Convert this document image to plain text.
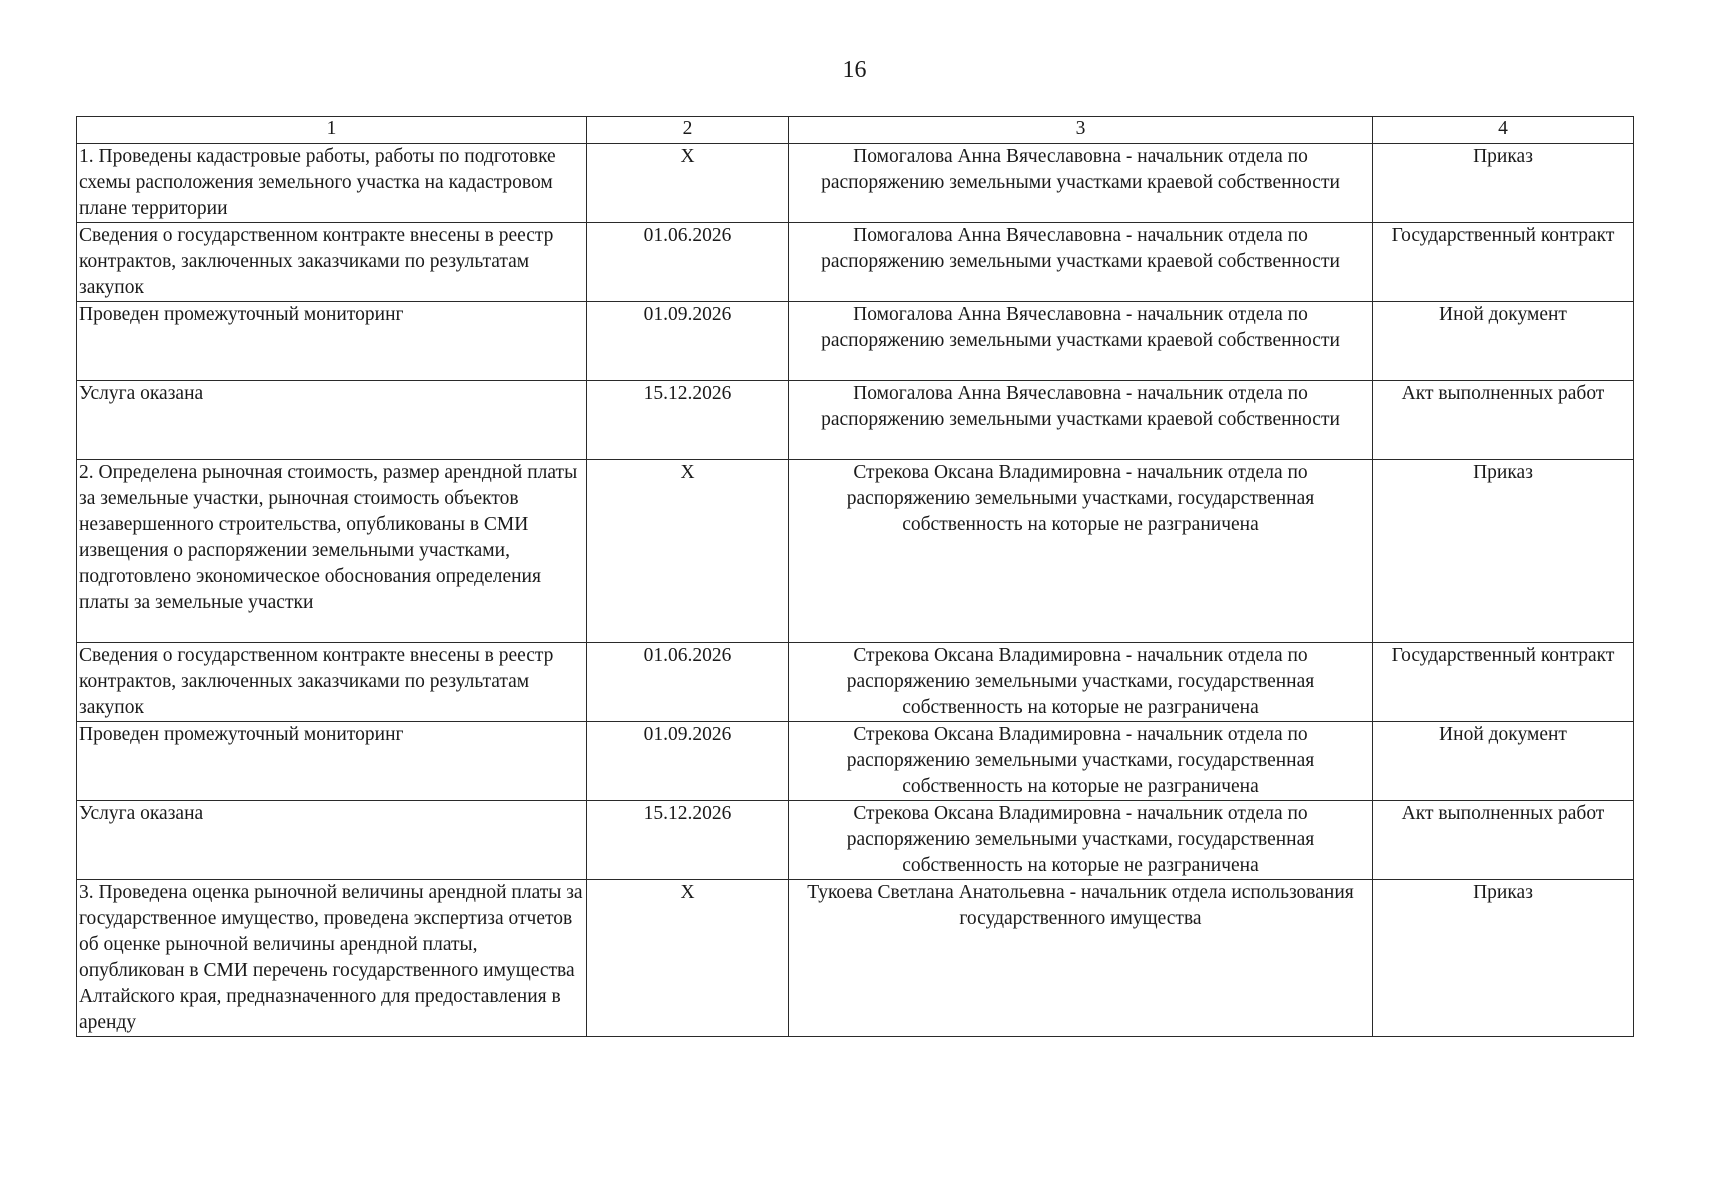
16
1	2	3	4
1. Проведены кадастровые работы, работы по подготовке схемы расположения земельного участка на кадастровом плане территории	X	Помогалова Анна Вячеславовна - начальник отдела по распоряжению земельными участками краевой собственности	Приказ
Сведения о государственном контракте внесены в реестр контрактов, заключенных заказчиками по результатам закупок	01.06.2026	Помогалова Анна Вячеславовна - начальник отдела по распоряжению земельными участками краевой собственности	Государственный контракт
Проведен промежуточный мониторинг	01.09.2026	Помогалова Анна Вячеславовна - начальник отдела по распоряжению земельными участками краевой собственности	Иной документ
Услуга оказана	15.12.2026	Помогалова Анна Вячеславовна - начальник отдела по распоряжению земельными участками краевой собственности	Акт выполненных работ
2. Определена рыночная стоимость, размер арендной платы за земельные участки, рыночная стоимость объектов незавершенного строительства, опубликованы в СМИ извещения о распоряжении земельными участками, подготовлено экономическое обоснования определения платы за земельные участки	X	Стрекова Оксана Владимировна - начальник отдела по распоряжению земельными участками, государственная собственность на которые не разграничена	Приказ
Сведения о государственном контракте внесены в реестр контрактов, заключенных заказчиками по результатам закупок	01.06.2026	Стрекова Оксана Владимировна - начальник отдела по распоряжению земельными участками, государственная собственность на которые не разграничена	Государственный контракт
Проведен промежуточный мониторинг	01.09.2026	Стрекова Оксана Владимировна - начальник отдела по распоряжению земельными участками, государственная собственность на которые не разграничена	Иной документ
Услуга оказана	15.12.2026	Стрекова Оксана Владимировна - начальник отдела по распоряжению земельными участками, государственная собственность на которые не разграничена	Акт выполненных работ
3. Проведена оценка рыночной величины арендной платы за государственное имущество, проведена экспертиза отчетов об оценке рыночной величины арендной платы, опубликован в СМИ перечень государственного имущества Алтайского края, предназначенного для предоставления в аренду	X	Тукоева Светлана Анатольевна - начальник отдела использования государственного имущества	Приказ
